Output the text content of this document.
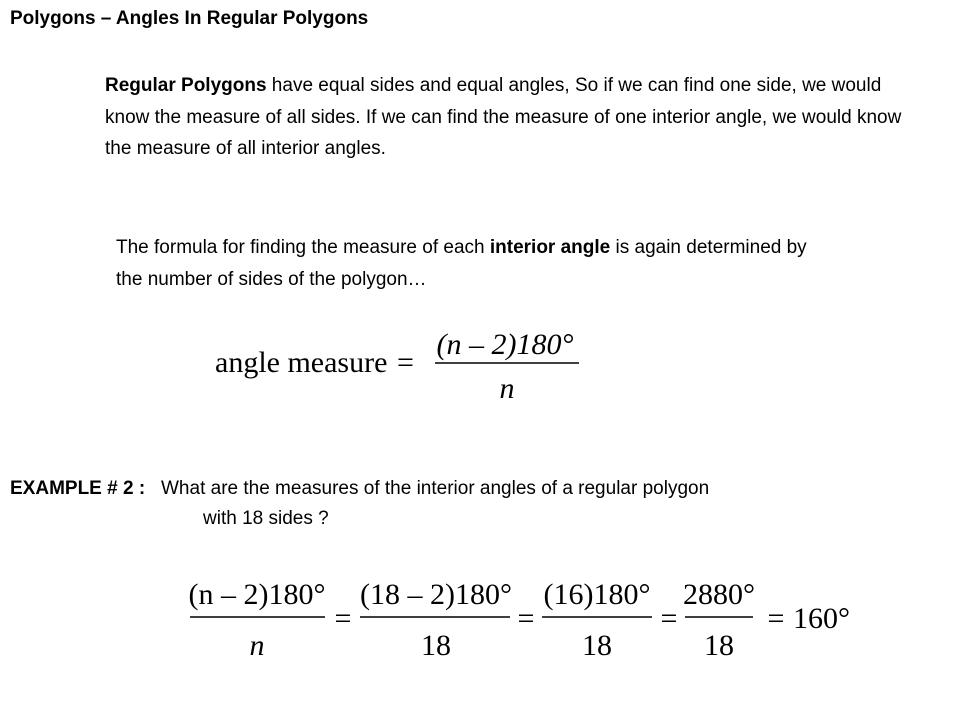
Polygons – Angles In Regular Polygons
Regular Polygons have equal sides and equal angles, So if we can find one side, we would know the measure of all sides. If we can find the measure of one interior angle, we would know the measure of all interior angles.
The formula for finding the measure of each interior angle is again determined by the number of sides of the polygon…
angle measure =
(n – 2)180°
n
EXAMPLE # 2 : What are the measures of the interior angles of a regular polygon
with 18 sides ?
(n – 2)180°
n
=
(18 – 2)180°
18
=
(16)180°
18
=
2880°
18
= 160°
